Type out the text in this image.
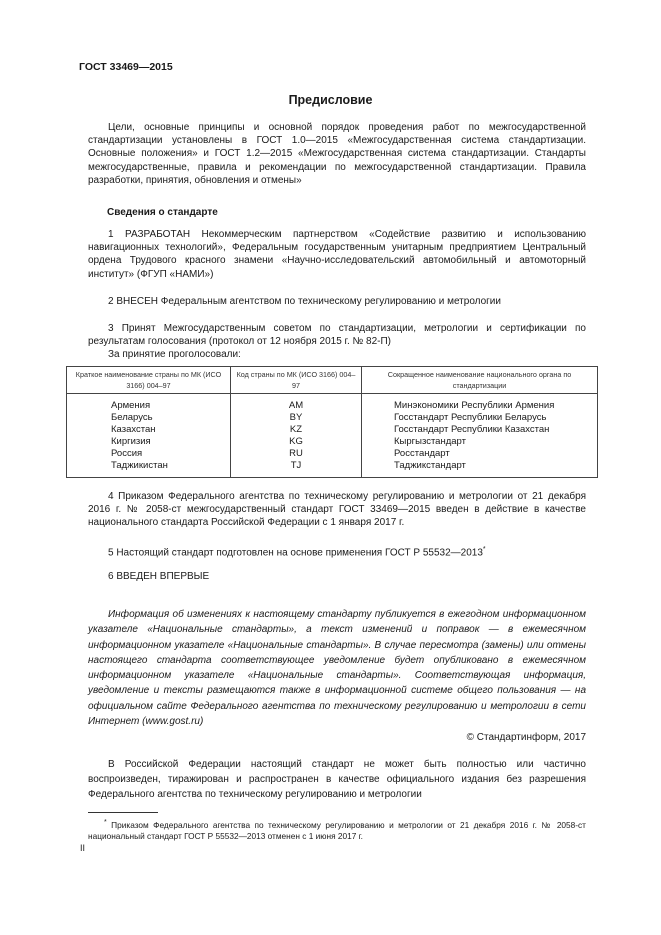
ГОСТ 33469—2015
Предисловие
Цели, основные принципы и основной порядок проведения работ по межгосударственной стандартизации установлены в ГОСТ 1.0—2015 «Межгосударственная система стандартизации. Основные положения» и ГОСТ 1.2—2015 «Межгосударственная система стандартизации. Стандарты межгосударственные, правила и рекомендации по межгосударственной стандартизации. Правила разработки, принятия, обновления и отмены»
Сведения о стандарте
1 РАЗРАБОТАН Некоммерческим партнерством «Содействие развитию и использованию навигационных технологий», Федеральным государственным унитарным предприятием Центральный ордена Трудового красного знамени «Научно-исследовательский автомобильный и автомоторный институт» (ФГУП «НАМИ»)
2 ВНЕСЕН Федеральным агентством по техническому регулированию и метрологии
3 Принят Межгосударственным советом по стандартизации, метрологии и сертификации по результатам голосования (протокол от 12 ноября 2015 г. № 82-П)
За принятие проголосовали:
Краткое наименование страны по МК (ИСО 3166) 004–97	Код страны по МК (ИСО 3166) 004–97	Сокращенное наименование национального органа по стандартизации
Армения	AM	Минэкономики Республики Армения
Беларусь	BY	Госстандарт Республики Беларусь
Казахстан	KZ	Госстандарт Республики Казахстан
Киргизия	KG	Кыргызстандарт
Россия	RU	Росстандарт
Таджикистан	TJ	Таджикстандарт
4 Приказом Федерального агентства по техническому регулированию и метрологии от 21 декабря 2016 г. № 2058-ст межгосударственный стандарт ГОСТ 33469—2015 введен в действие в качестве национального стандарта Российской Федерации с 1 января 2017 г.
5 Настоящий стандарт подготовлен на основе применения ГОСТ Р 55532—2013*
6 ВВЕДЕН ВПЕРВЫЕ
Информация об изменениях к настоящему стандарту публикуется в ежегодном информационном указателе «Национальные стандарты», а текст изменений и поправок — в ежемесячном информационном указателе «Национальные стандарты». В случае пересмотра (замены) или отмены настоящего стандарта соответствующее уведомление будет опубликовано в ежемесячном информационном указателе «Национальные стандарты». Соответствующая информация, уведомление и тексты размещаются также в информационной системе общего пользования — на официальном сайте Федерального агентства по техническому регулированию и метрологии в сети Интернет (www.gost.ru)
© Стандартинформ, 2017
В Российской Федерации настоящий стандарт не может быть полностью или частично воспроизведен, тиражирован и распространен в качестве официального издания без разрешения Федерального агентства по техническому регулированию и метрологии
* Приказом Федерального агентства по техническому регулированию и метрологии от 21 декабря 2016 г. № 2058-ст национальный стандарт ГОСТ Р 55532—2013 отменен с 1 июня 2017 г.
II
